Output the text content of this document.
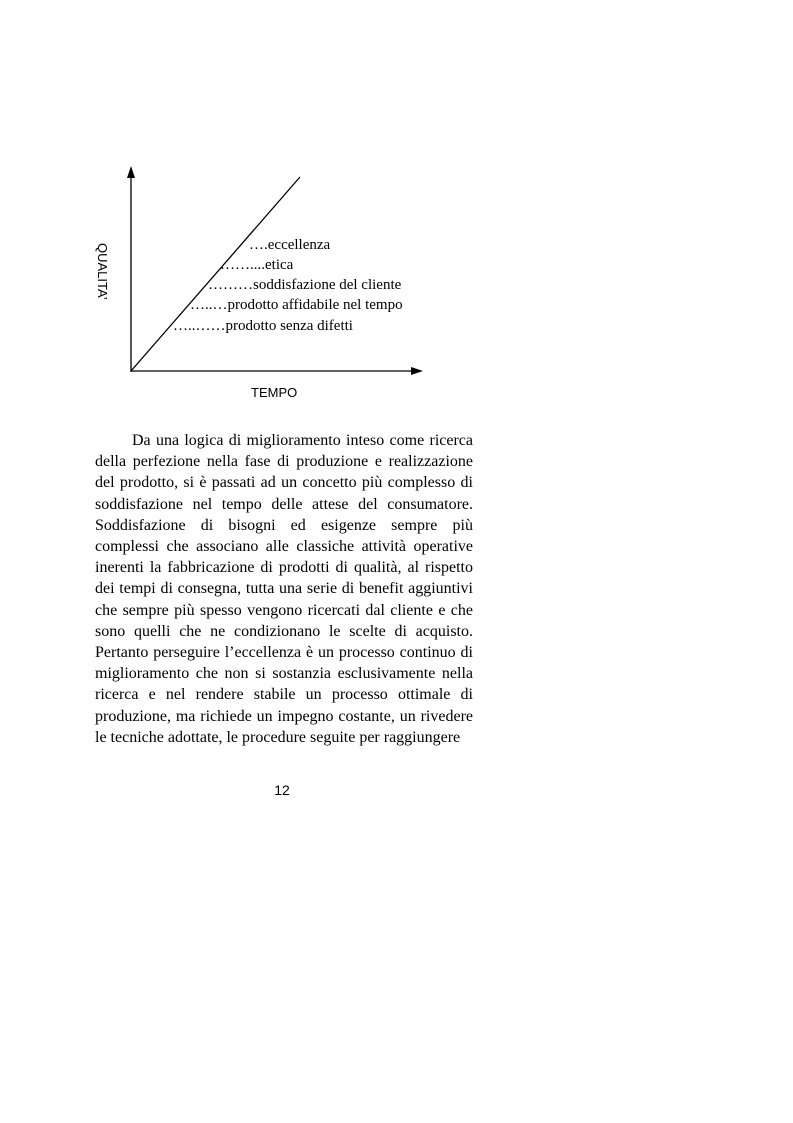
….eccellenza
……....etica
………soddisfazione del cliente
…..…prodotto affidabile nel tempo
…..……prodotto senza difetti
QUALITA’
TEMPO

Da una logica di miglioramento inteso come ricerca della perfezione nella fase di produzione e realizzazione del prodotto, si è passati ad un concetto più complesso di soddisfazione nel tempo delle attese del consumatore. Soddisfazione di bisogni ed esigenze sempre più complessi che associano alle classiche attività operative inerenti la fabbricazione di prodotti di qualità, al rispetto dei tempi di consegna, tutta una serie di benefit aggiuntivi che sempre più spesso vengono ricercati dal cliente e che sono quelli che ne condizionano le scelte di acquisto. Pertanto perseguire l’eccellenza è un processo continuo di miglioramento che non si sostanzia esclusivamente nella ricerca e nel rendere stabile un processo ottimale di produzione, ma richiede un impegno costante, un rivedere le tecniche adottate, le procedure seguite per raggiungere

12
